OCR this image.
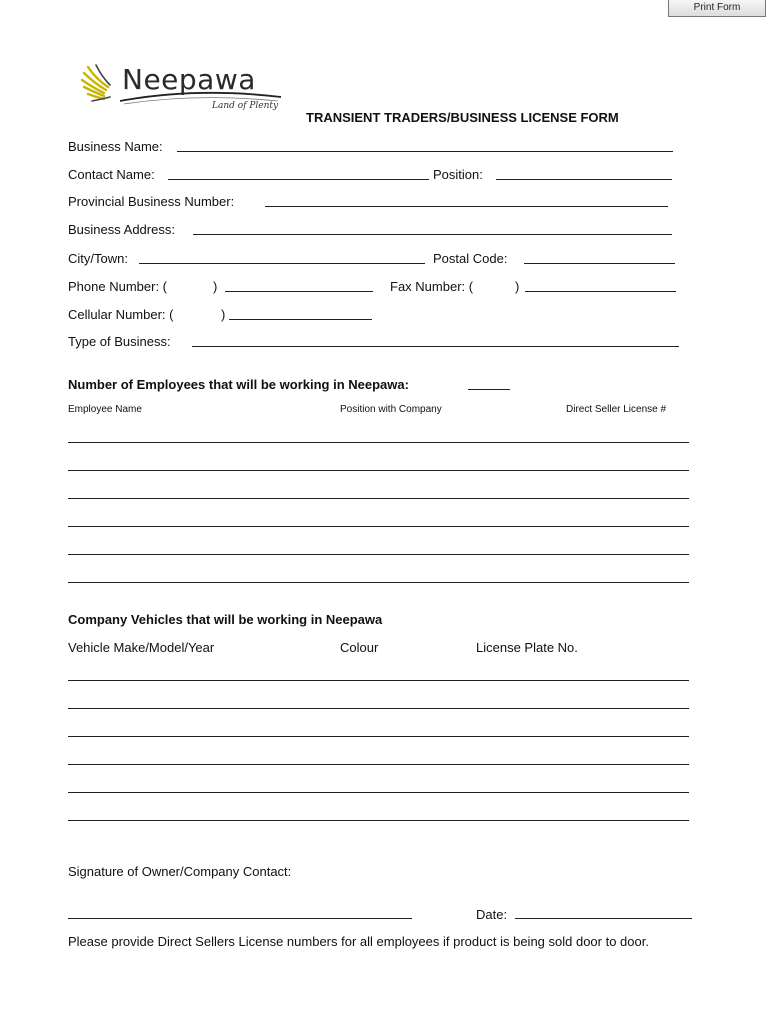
Print Form
Neepawa
Land of Plenty
TRANSIENT TRADERS/BUSINESS LICENSE FORM
Business Name:
Contact Name:	Position:
Provincial Business Number:
Business Address:
City/Town:	Postal Code:
Phone Number: (	)	Fax Number: (	)
Cellular Number: (	)
Type of Business:
Number of Employees that will be working in Neepawa:
Employee Name	Position with Company	Direct Seller License #
Company Vehicles that will be working in Neepawa
Vehicle Make/Model/Year	Colour	License Plate No.
Signature of Owner/Company Contact:
Date:
Please provide Direct Sellers License numbers for all employees if product is being sold door to door.
